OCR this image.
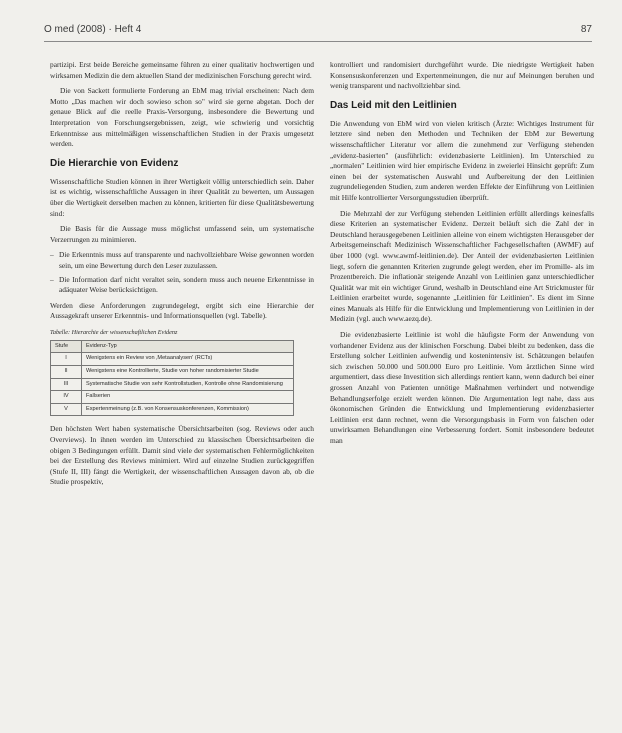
O med (2008) · Heft 4	87

partizipi. Erst beide Bereiche gemeinsame führen zu einer qualitativ hochwertigen und wirksamen Medizin die dem aktuellen Stand der medizinischen Forschung gerecht wird.

Die von Sackett formulierte Forderung an EbM mag trivial erscheinen: Nach dem Motto „Das machen wir doch sowieso schon so" wird sie gerne abgetan. Doch der genaue Blick auf die reelle Praxis-Versorgung, insbesondere die Bewertung und Interpretation von Forschungsergebnissen, zeigt, wie schwierig und vorsichtig Erkenntnisse aus mittelmäßigen wissenschaftlichen Studien in der Praxis umgesetzt werden.

Die Hierarchie von Evidenz

Wissenschaftliche Studien können in ihrer Wertigkeit völlig unterschiedlich sein. Daher ist es wichtig, wissenschaftliche Aussagen in ihrer Qualität zu bewerten, um Aussagen über die Wertigkeit derselben machen zu können, kritierten für diese Qualitätsbewertung sind:

Die Basis für die Aussage muss möglichst umfassend sein, um systematische Verzerrungen zu minimieren.

– Die Erkenntnis muss auf transparente und nachvollziehbare Weise gewonnen worden sein, um eine Bewertung durch den Leser zuzulassen.
– Die Information darf nicht veraltet sein, sondern muss auch neuene Erkenntnisse in adäquater Weise berücksichtigen.

Werden diese Anforderungen zugrundegelegt, ergibt sich eine Hierarchie der Aussagekraft unserer Erkenntnis- und Informationsquellen (vgl. Tabelle).

Tabelle: Hierarchie der wissenschaftlichen Evidenz
Stufe	Evidenz-Typ
I	Wenigstens ein Review von ‚Metaanalysen' (RCTs)
II	Wenigstens eine Kontrollierte, Studie von hoher randomisierter Studie
III	Systematische Studie von sehr Kontrollstudien, Kontrolle ohne Randomisierung
IV	Fallserien
V	Expertenmeinung (z.B. von Konsensuskonferenzen, Kommission)

Den höchsten Wert haben systematische Übersichtsarbeiten (sog. Reviews oder auch Overviews). In ihnen werden im Unterschied zu klassischen Übersichtsarbeiten die obigen 3 Bedingungen erfüllt. Damit sind viele der systematischen Fehlermöglichkeiten bei der Erstellung des Reviews minimiert. Wird auf einzelne Studien zurückgegriffen (Stufe II, III) fängt die Wertigkeit, der wissenschaftlichen Aussagen davon ab, ob die Studie prospektiv,

kontrolliert und randomisiert durchgeführt wurde. Die niedrigste Wertigkeit haben Konsensuskonferenzen und Expertenmeinungen, die nur auf Meinungen beruhen und wenig transparent und nachvollziehbar sind.

Das Leid mit den Leitlinien

Die Anwendung von EbM wird von vielen kritisch (Ärzte: Wichtiges Instrument für letztere sind neben den Methoden und Techniken der EbM zur Bewertung wissenschaftlicher Literatur vor allem die zunehmend zur Verfügung stehenden „evidenz-basierten" (ausführlich: evidenzbasierte Leitlinien). Im Unterschied zu „normalen" Leitlinien wird hier empirische Evidenz in zweierlei Hinsicht geprüft: Zum einen bei der systematischen Auswahl und Aufbereitung der den Leitlinien zugrundeliegenden Studien, zum anderen werden Effekte der Einführung von Leitlinien mit Hilfe kontrollierter Versorgungsstudien überprüft.

Die Mehrzahl der zur Verfügung stehenden Leitlinien erfüllt allerdings keinesfalls diese Kriterien an systematischer Evidenz. Derzeit beläuft sich die Zahl der in Deutschland herausgegebenen Leitlinien alleine von einem wichtigsten Herausgeber der Arbeitsgemeinschaft Medizinisch Wissenschaftlicher Fachgesellschaften (AWMF) auf über 1000 (vgl. www.awmf-leitlinien.de). Der Anteil der evidenzbasierten Leitlinien liegt, sofern die genannten Kriterien zugrunde gelegt werden, eher im Promille- als im Prozentbereich. Die inflationär steigende Anzahl von Leitlinien ganz unterschiedlicher Qualität war mit ein wichtiger Grund, weshalb in Deutschland eine Art Strickmuster für Leitlinien erarbeitet wurde, sogenannte „Leitlinien für Leitlinien". Es dient im Sinne eines Manuals als Hilfe für die Entwicklung und Implementierung von Leitlinien in der Medizin (vgl. auch www.aezq.de).

Die evidenzbasierte Leitlinie ist wohl die häufigste Form der Anwendung von vorhandener Evidenz aus der klinischen Forschung. Dabei bleibt zu bedenken, dass die Erstellung solcher Leitlinien aufwendig und kostenintensiv ist. Schätzungen belaufen sich zwischen 50.000 und 500.000 Euro pro Leitlinie. Vom ärztlichen Sinne wird argumentiert, dass diese Investition sich allerdings rentiert kann, wenn dadurch bei einer grossen Anzahl von Patienten unnötige Maßnahmen verhindert und notwendige Behandlungserfolge erzielt werden können. Die Argumentation legt nahe, dass aus ökonomischen Gründen die Entwicklung und Implementierung evidenzbasierter Leitlinien erst dann rechnet, wenn die Versorgungsbasis in Form von falschen oder unwirksamen Behandlungen eine Verbesserung fordert. Somit insbesondere bedeutet man
